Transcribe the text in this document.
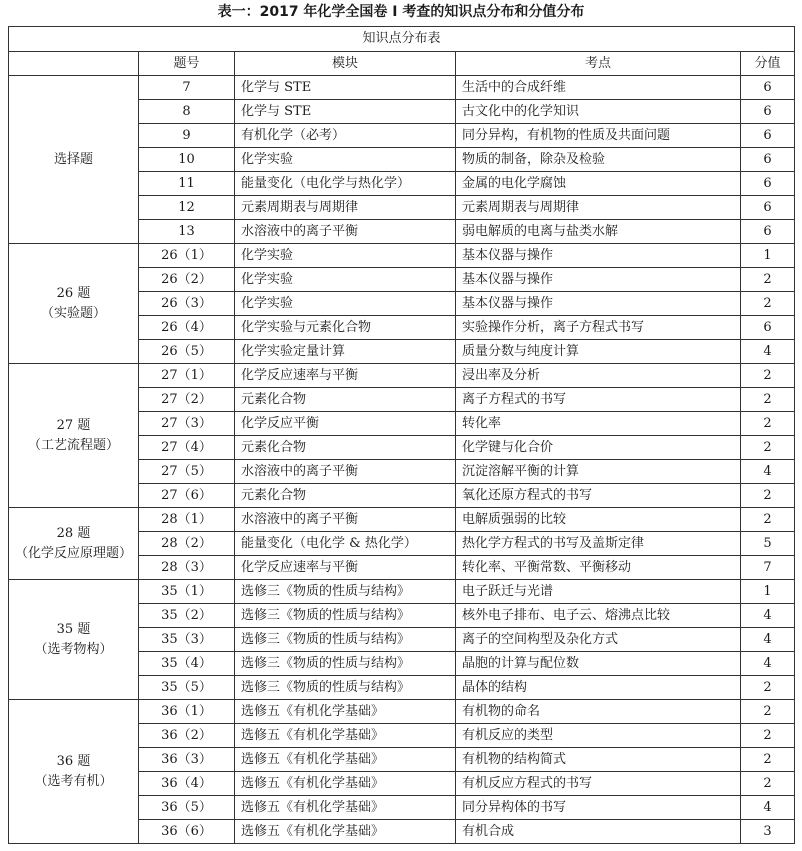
表一：2017 年化学全国卷 I 考查的知识点分布和分值分布
知识点分布表				
	题号	模块	考点	分值

选择题	7	化学与 STE	生活中的合成纤维	6
	8	化学与 STE	古文化中的化学知识	6
	9	有机化学（必考）	同分异构，有机物的性质及共面问题	6
	10	化学实验	物质的制备，除杂及检验	6
	11	能量变化（电化学与热化学）	金属的电化学腐蚀	6
	12	元素周期表与周期律	元素周期表与周期律	6
	13	水溶液中的离子平衡	弱电解质的电离与盐类水解	6

26 题
（实验题）	26（1）	化学实验	基本仪器与操作	1
	26（2）	化学实验	基本仪器与操作	2
	26（3）	化学实验	基本仪器与操作	2
	26（4）	化学实验与元素化合物	实验操作分析，离子方程式书写	6
	26（5）	化学实验定量计算	质量分数与纯度计算	4

27 题
（工艺流程题）	27（1）	化学反应速率与平衡	浸出率及分析	2
	27（2）	元素化合物	离子方程式的书写	2
	27（3）	化学反应平衡	转化率	2
	27（4）	元素化合物	化学键与化合价	2
	27（5）	水溶液中的离子平衡	沉淀溶解平衡的计算	4
	27（6）	元素化合物	氧化还原方程式的书写	2

28 题
（化学反应原理题）	28（1）	水溶液中的离子平衡	电解质强弱的比较	2
	28（2）	能量变化（电化学 & 热化学）	热化学方程式的书写及盖斯定律	5
	28（3）	化学反应速率与平衡	转化率、平衡常数、平衡移动	7

35 题
（选考物构）	35（1）	选修三《物质的性质与结构》	电子跃迁与光谱	1
	35（2）	选修三《物质的性质与结构》	核外电子排布、电子云、熔沸点比较	4
	35（3）	选修三《物质的性质与结构》	离子的空间构型及杂化方式	4
	35（4）	选修三《物质的性质与结构》	晶胞的计算与配位数	4
	35（5）	选修三《物质的性质与结构》	晶体的结构	2

36 题
（选考有机）	36（1）	选修五《有机化学基础》	有机物的命名	2
	36（2）	选修五《有机化学基础》	有机反应的类型	2
	36（3）	选修五《有机化学基础》	有机物的结构简式	2
	36（4）	选修五《有机化学基础》	有机反应方程式的书写	2
	36（5）	选修五《有机化学基础》	同分异构体的书写	4
	36（6）	选修五《有机化学基础》	有机合成	3
